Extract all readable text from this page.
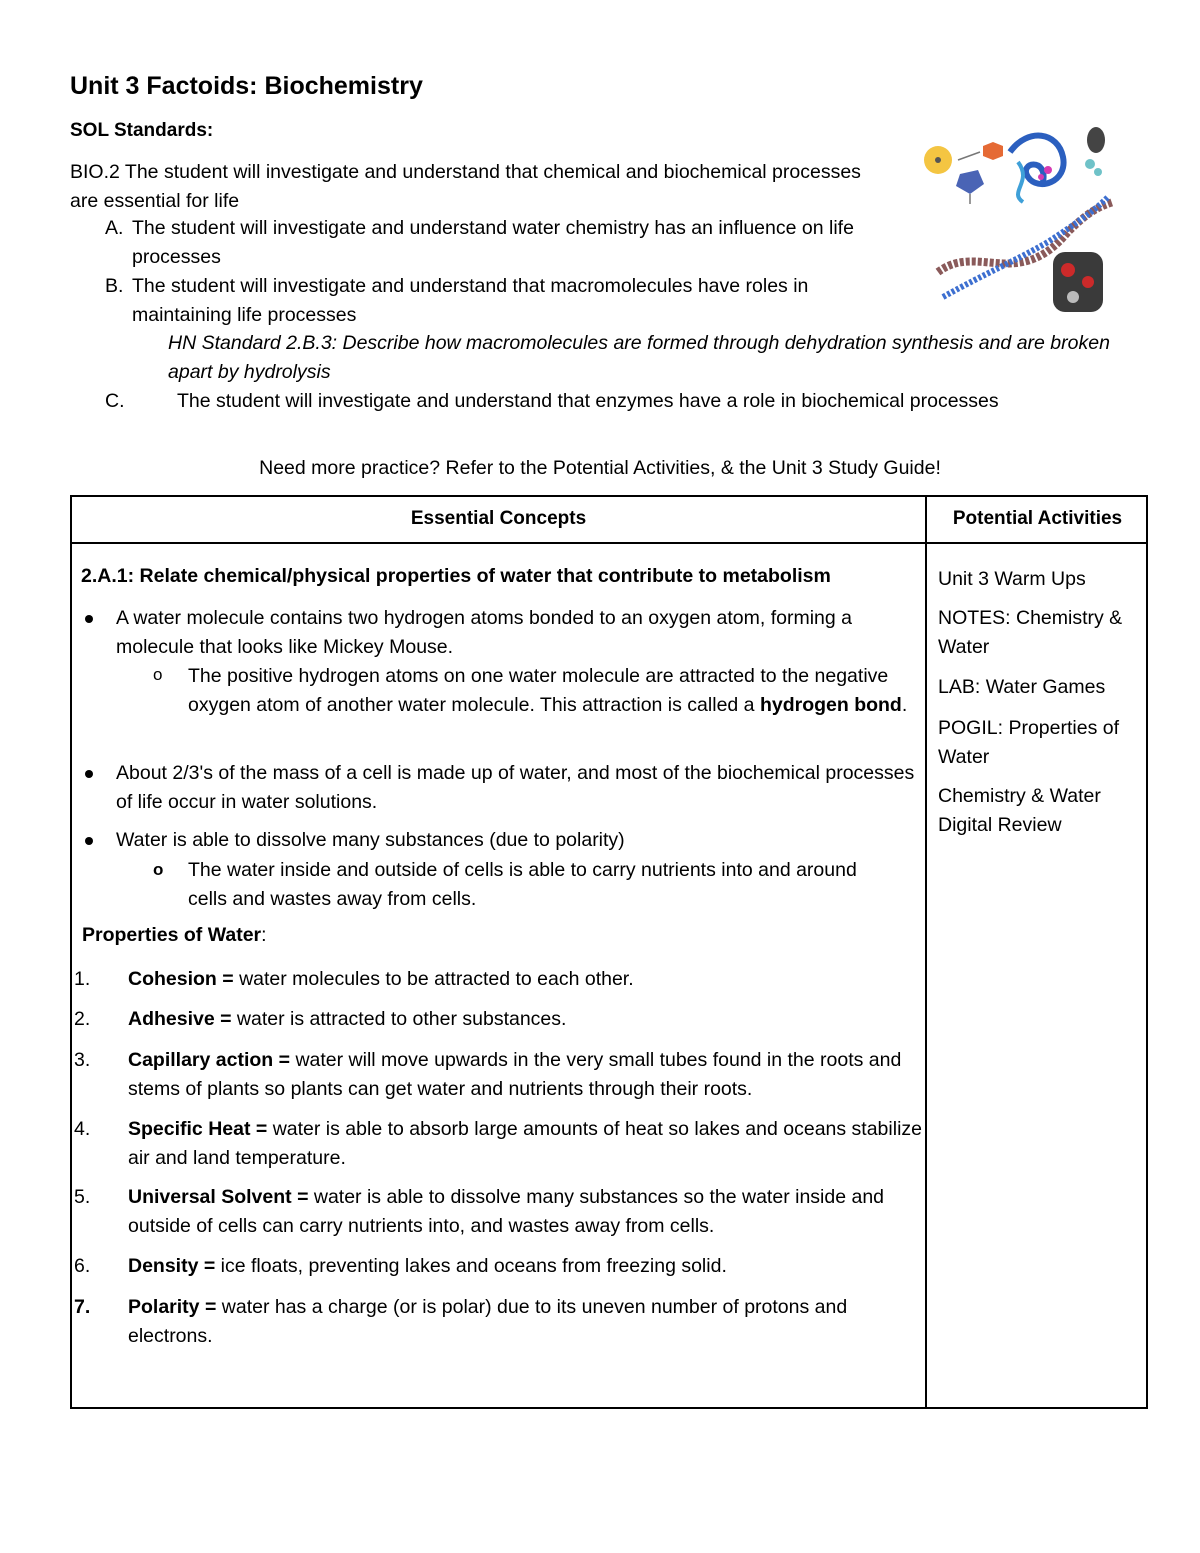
Unit 3 Factoids: Biochemistry
SOL Standards:
BIO.2 The student will investigate and understand that chemical and biochemical processes are essential for life
A. The student will investigate and understand water chemistry has an influence on life processes
B. The student will investigate and understand that macromolecules have roles in maintaining life processes
HN Standard 2.B.3: Describe how macromolecules are formed through dehydration synthesis and are broken apart by hydrolysis
C.	The student will investigate and understand that enzymes have a role in biochemical processes
Need more practice? Refer to the Potential Activities, & the Unit 3 Study Guide!
Essential Concepts	Potential Activities
2.A.1: Relate chemical/physical properties of water that contribute to metabolism
A water molecule contains two hydrogen atoms bonded to an oxygen atom, forming a molecule that looks like Mickey Mouse.
o The positive hydrogen atoms on one water molecule are attracted to the negative oxygen atom of another water molecule. This attraction is called a hydrogen bond.
About 2/3's of the mass of a cell is made up of water, and most of the biochemical processes of life occur in water solutions.
Water is able to dissolve many substances (due to polarity)
o The water inside and outside of cells is able to carry nutrients into and around cells and wastes away from cells.
Properties of Water:
1. Cohesion = water molecules to be attracted to each other.
2. Adhesive = water is attracted to other substances.
3. Capillary action = water will move upwards in the very small tubes found in the roots and stems of plants so plants can get water and nutrients through their roots.
4. Specific Heat = water is able to absorb large amounts of heat so lakes and oceans stabilize air and land temperature.
5. Universal Solvent = water is able to dissolve many substances so the water inside and outside of cells can carry nutrients into, and wastes away from cells.
6. Density = ice floats, preventing lakes and oceans from freezing solid.
7. Polarity = water has a charge (or is polar) due to its uneven number of protons and electrons.
Unit 3 Warm Ups
NOTES: Chemistry & Water
LAB: Water Games
POGIL: Properties of Water
Chemistry & Water Digital Review
